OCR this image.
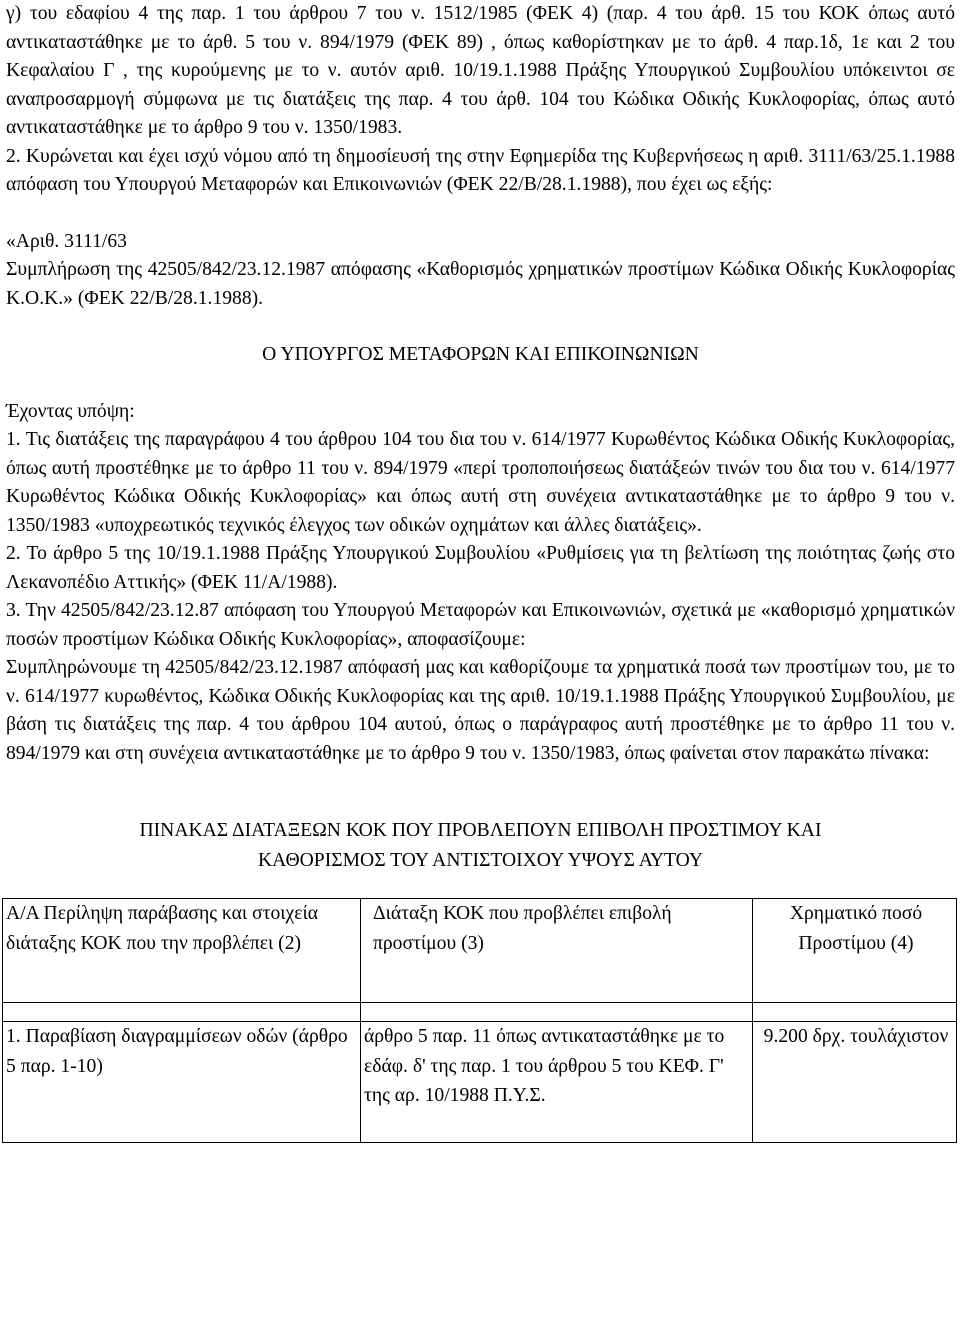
γ) του εδαφίου 4 της παρ. 1 του άρθρου 7 του ν. 1512/1985 (ΦΕΚ 4) (παρ. 4 του άρθ. 15 του ΚΟΚ όπως αυτό αντικαταστάθηκε με το άρθ. 5 του ν. 894/1979 (ΦΕΚ 89) , όπως καθορίστηκαν με το άρθ. 4 παρ.1δ, 1ε και 2 του Κεφαλαίου Γ , της κυρούμενης με το ν. αυτόν αριθ. 10/19.1.1988 Πράξης Υπουργικού Συμβουλίου υπόκειντοι σε αναπροσαρμογή σύμφωνα με τις διατάξεις της παρ. 4 του άρθ. 104 του Κώδικα Οδικής Κυκλοφορίας, όπως αυτό αντικαταστάθηκε με το άρθρο 9 του ν. 1350/1983.

2. Κυρώνεται και έχει ισχύ νόμου από τη δημοσίευσή της στην Εφημερίδα της Κυβερνήσεως η αριθ. 3111/63/25.1.1988 απόφαση του Υπουργού Μεταφορών και Επικοινωνιών (ΦΕΚ 22/Β/28.1.1988), που έχει ως εξής:

«Αριθ. 3111/63

Συμπλήρωση της 42505/842/23.12.1987 απόφασης «Καθορισμός χρηματικών προστίμων Κώδικα Οδικής Κυκλοφορίας Κ.Ο.Κ.» (ΦΕΚ 22/Β/28.1.1988).

Ο ΥΠΟΥΡΓΟΣ ΜΕΤΑΦΟΡΩΝ ΚΑΙ ΕΠΙΚΟΙΝΩΝΙΩΝ

Έχοντας υπόψη:

1. Τις διατάξεις της παραγράφου 4 του άρθρου 104 του δια του ν. 614/1977 Κυρωθέντος Κώδικα Οδικής Κυκλοφορίας, όπως αυτή προστέθηκε με το άρθρο 11 του ν. 894/1979 «περί τροποποιήσεως διατάξεών τινών του δια του ν. 614/1977 Κυρωθέντος Κώδικα Οδικής Κυκλοφορίας» και όπως αυτή στη συνέχεια αντικαταστάθηκε με το άρθρο 9 του ν. 1350/1983 «υποχρεωτικός τεχνικός έλεγχος των οδικών οχημάτων και άλλες διατάξεις».

2. Το άρθρο 5 της 10/19.1.1988 Πράξης Υπουργικού Συμβουλίου «Ρυθμίσεις για τη βελτίωση της ποιότητας ζωής στο Λεκανοπέδιο Αττικής» (ΦΕΚ 11/Α/1988).

3. Την 42505/842/23.12.87 απόφαση του Υπουργού Μεταφορών και Επικοινωνιών, σχετικά με «καθορισμό χρηματικών ποσών προστίμων Κώδικα Οδικής Κυκλοφορίας», αποφασίζουμε:

Συμπληρώνουμε τη 42505/842/23.12.1987 απόφασή μας και καθορίζουμε τα χρηματικά ποσά των προστίμων του, με το ν. 614/1977 κυρωθέντος, Κώδικα Οδικής Κυκλοφορίας και της αριθ. 10/19.1.1988 Πράξης Υπουργικού Συμβουλίου, με βάση τις διατάξεις της παρ. 4 του άρθρου 104 αυτού, όπως ο παράγραφος αυτή προστέθηκε με το άρθρο 11 του ν. 894/1979 και στη συνέχεια αντικαταστάθηκε με το άρθρο 9 του ν. 1350/1983, όπως φαίνεται στον παρακάτω πίνακα:

ΠΙΝΑΚΑΣ ΔΙΑΤΑΞΕΩΝ ΚΟΚ ΠΟΥ ΠΡΟΒΛΕΠΟΥΝ ΕΠΙΒΟΛΗ ΠΡΟΣΤΙΜΟΥ ΚΑΙ

ΚΑΘΟΡΙΣΜΟΣ ΤΟΥ ΑΝΤΙΣΤΟΙΧΟΥ ΥΨΟΥΣ ΑΥΤΟΥ

Α/Α Περίληψη παράβασης και στοιχεία διάταξης ΚΟΚ που την προβλέπει (2)	Διάταξη ΚΟΚ που προβλέπει επιβολή προστίμου (3)	Χρηματικό ποσό Προστίμου (4)

1. Παραβίαση διαγραμμίσεων οδών (άρθρο 5 παρ. 1-10)	άρθρο 5 παρ. 11 όπως αντικαταστάθηκε με το εδάφ. δ' της παρ. 1 του άρθρου 5 του ΚΕΦ. Γ' της αρ. 10/1988 Π.Υ.Σ.	9.200 δρχ. τουλάχιστον
